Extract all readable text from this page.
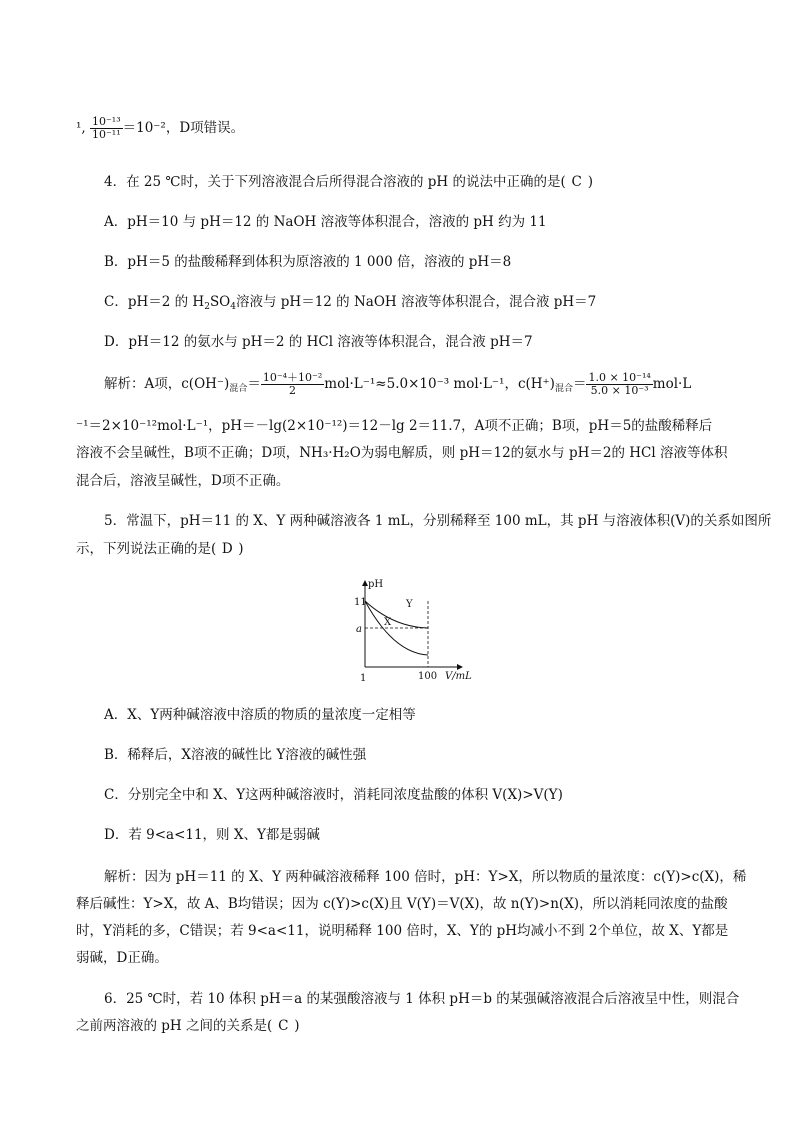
¹, $\frac{\text{10⁻¹³}}{\text{10⁻¹¹}} =10^{-2}$，D项错误。
4．在 25 ℃时，关于下列溶液混合后所得混合溶液的 pH 的说法中正确的是( C )
A．pH＝10 与 pH＝12 的 NaOH 溶液等体积混合，溶液的 pH 约为 11
B．pH＝5 的盐酸稀释到体积为原溶液的 1 000 倍，溶液的 pH＝8
C．pH＝2 的 $H_2SO_4$溶液与 pH＝12 的 NaOH 溶液等体积混合，混合液 pH＝7
D．pH＝12 的氨水与 pH＝2 的 HCl 溶液等体积混合，混合液 pH＝7
解析：A项，$c(OH^-)_{混合}= \frac{\text{10⁻⁴＋10⁻²}}{2} mol\cdot L^{-1}\approx 5.0\times 10^{-3}$ mol·L⁻¹，$c(H^+)_{混合}= \frac{\text{1.0 × 10⁻¹⁴}}{\text{5.0 × 10⁻³}} mol\cdot L$
⁻¹＝2×10⁻¹²mol·L⁻¹，pH＝－lg(2×10⁻¹²)＝12－lg 2＝11.7，A项不正确；B项，pH＝5的盐酸稀释后
溶液不会呈碱性，B项不正确；D项，NH₃·H₂O为弱电解质，则 pH＝12的氨水与 pH＝2的 HCl 溶液等体积
混合后，溶液呈碱性，D项不正确。
5．常温下，pH＝11 的 X、Y 两种碱溶液各 1 mL，分别稀释至 100 mL，其 pH 与溶液体积(V)的关系如图所
示，下列说法正确的是( D )
pH
V/mL
1	100
11
a
Y
X
A．X、Y两种碱溶液中溶质的物质的量浓度一定相等
B．稀释后，X溶液的碱性比 Y溶液的碱性强
C．分别完全中和 X、Y这两种碱溶液时，消耗同浓度盐酸的体积 V(X)>V(Y)
D．若 9<a<11，则 X、Y都是弱碱
解析：因为 pH＝11 的 X、Y 两种碱溶液稀释 100 倍时，pH：Y>X，所以物质的量浓度：c(Y)>c(X)，稀
释后碱性：Y>X，故 A、B均错误；因为 c(Y)>c(X)且 V(Y)＝V(X)，故 n(Y)>n(X)，所以消耗同浓度的盐酸
时，Y消耗的多，C错误；若 9<a<11，说明稀释 100 倍时，X、Y的 pH均减小不到 2个单位，故 X、Y都是
弱碱，D正确。
6．25 ℃时，若 10 体积 pH＝a 的某强酸溶液与 1 体积 pH＝b 的某强碱溶液混合后溶液呈中性，则混合
之前两溶液的 pH 之间的关系是( C )
